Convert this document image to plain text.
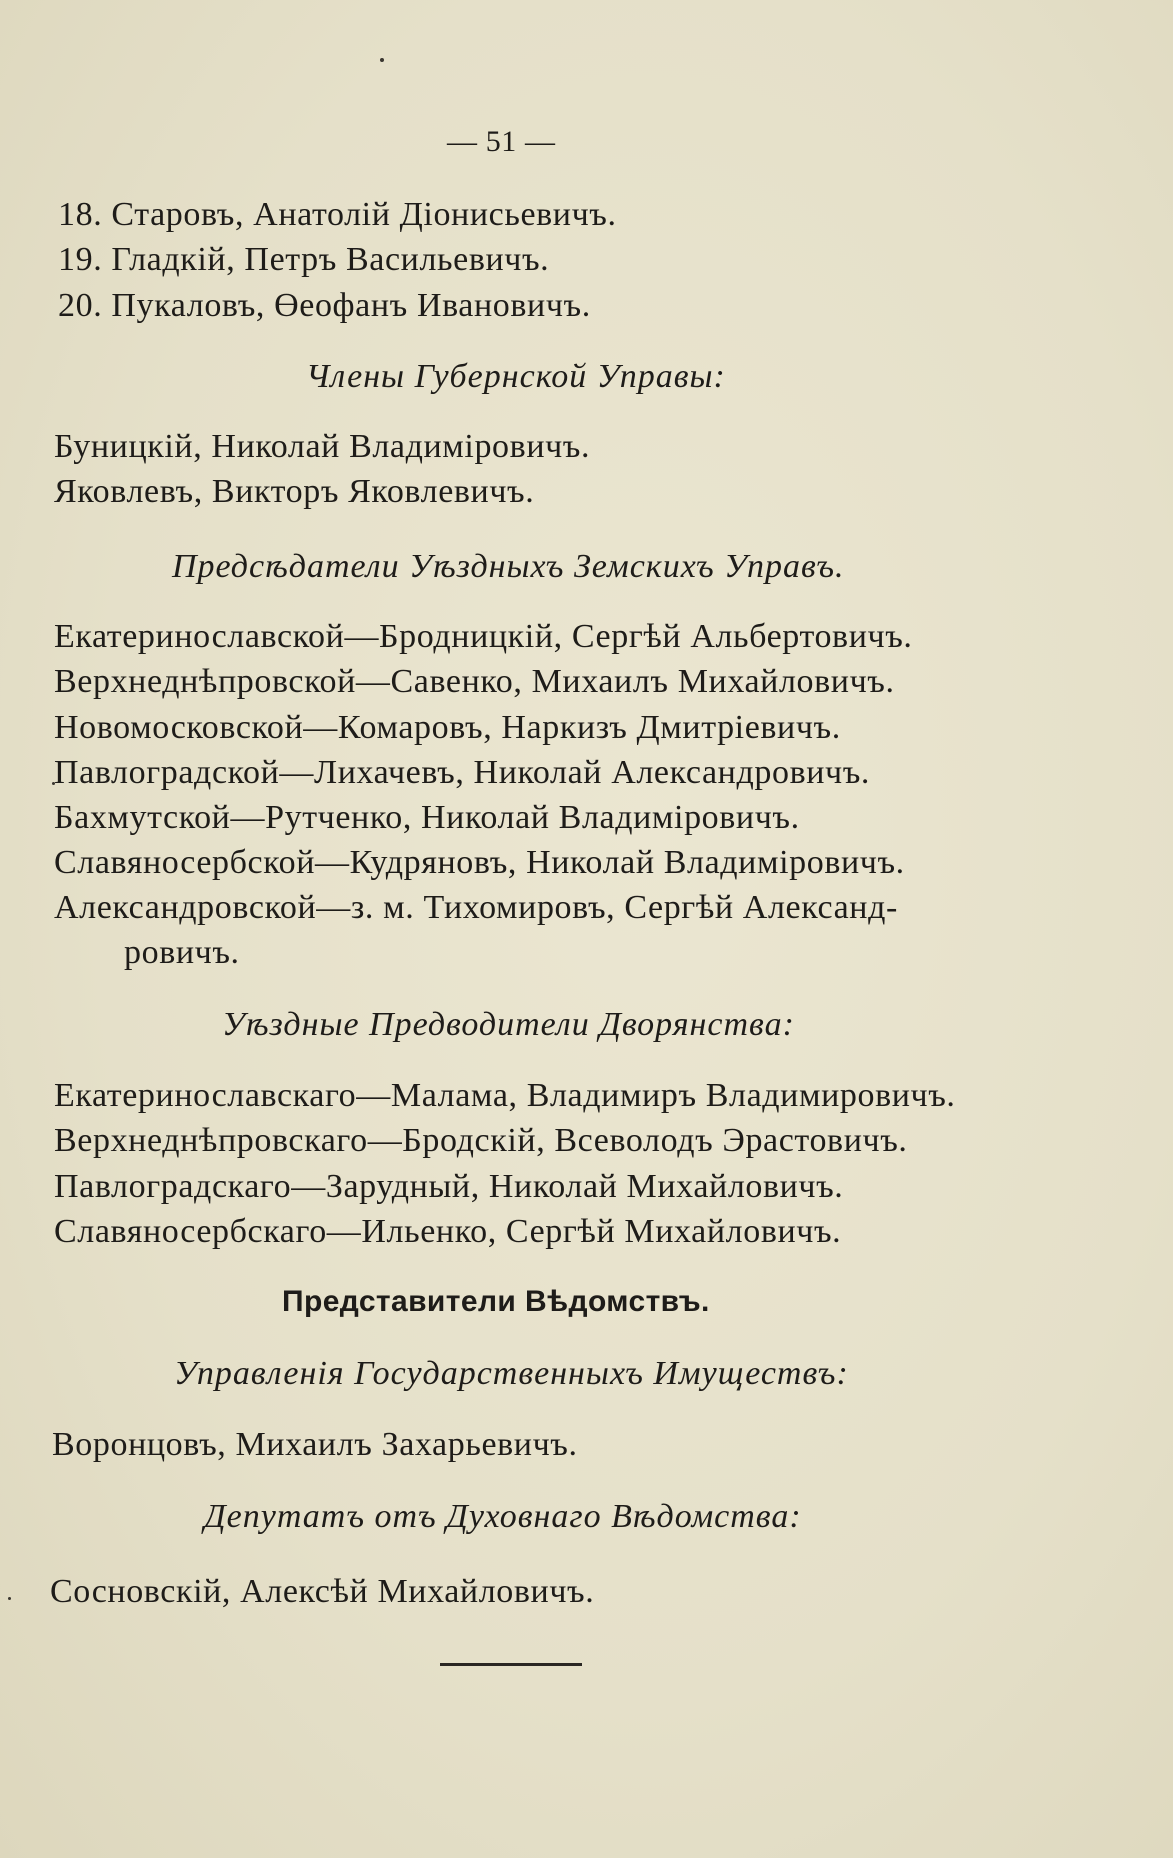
— 51 —
18. Старовъ, Анатолій Діонисьевичъ.
19. Гладкій, Петръ Васильевичъ.
20. Пукаловъ, Өеофанъ Ивановичъ.
Члены Губернской Управы:
Буницкій, Николай Владиміровичъ.
Яковлевъ, Викторъ Яковлевичъ.
Предсѣдатели Уѣздныхъ Земскихъ Управъ.
Екатеринославской—Бродницкій, Сергѣй Альбертовичъ.
Верхнеднѣпровской—Савенко, Михаилъ Михайловичъ.
Новомосковской—Комаровъ, Наркизъ Дмитріевичъ.
Павлоградской—Лихачевъ, Николай Александровичъ.
Бахмутской—Рутченко, Николай Владиміровичъ.
Славяносербской—Кудряновъ, Николай Владиміровичъ.
Александровской—з. м. Тихомировъ, Сергѣй Александ-
ровичъ.
Уѣздные Предводители Дворянства:
Екатеринославскаго—Малама, Владимиръ Владимировичъ.
Верхнеднѣпровскаго—Бродскій, Всеволодъ Эрастовичъ.
Павлоградскаго—Зарудный, Николай Михайловичъ.
Славяносербскаго—Ильенко, Сергѣй Михайловичъ.
Представители Вѣдомствъ.
Управленія Государственныхъ Имуществъ:
Воронцовъ, Михаилъ Захарьевичъ.
Депутатъ отъ Духовнаго Вѣдомства:
Сосновскій, Алексѣй Михайловичъ.
